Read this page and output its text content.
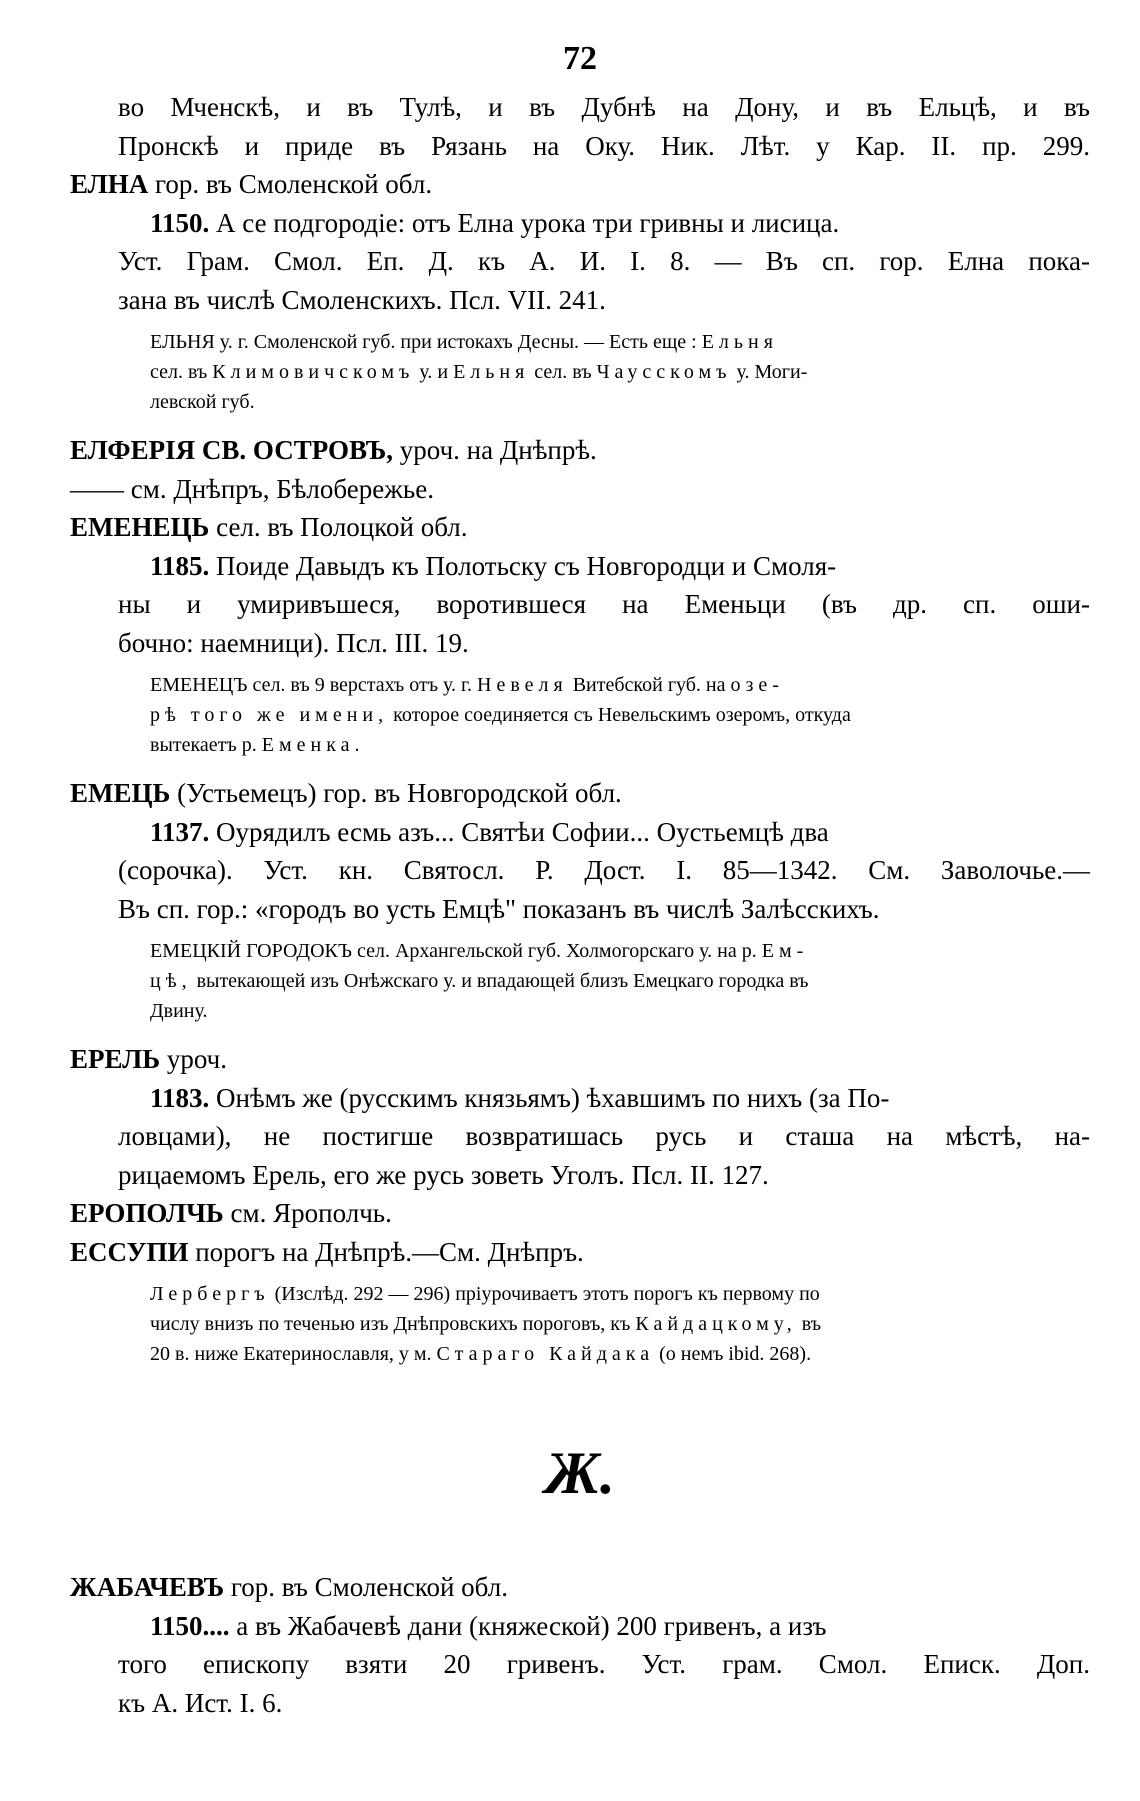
72
во Мченскѣ, и въ Тулѣ, и въ Дубнѣ на Дону, и въ Ельцѣ, и въ
Пронскѣ и приде въ Рязань на Оку. Ник. Лѣт. у Кар. II. пр. 299.
ЕЛНА гор. въ Смоленской обл.
1150. А се подгородіе: отъ Елна урока три гривны и лисица.
Уст. Грам. Смол. Еп. Д. къ А. И. I. 8. — Въ сп. гор. Елна пока-
зана въ числѣ Смоленскихъ. Псл. VII. 241.
ЕЛЬНЯ у. г. Смоленской губ. при истокахъ Десны. — Есть еще : Ельня
сел. въ Климовичскомъ у. и Ельня сел. въ Чаусскомъ у. Моги-
левской губ.
ЕЛФЕРІЯ СВ. ОСТРОВЪ, уроч. на Днѣпрѣ.
—— см. Днѣпръ, Бѣлобережье.
ЕМЕНЕЦЬ сел. въ Полоцкой обл.
1185. Поиде Давыдъ къ Полотьску съ Новгородци и Смоля-
ны и умиривъшеся, воротившеся на Еменьци (въ др. сп. оши-
бочно: наемници). Псл. III. 19.
ЕМЕНЕЦЪ сел. въ 9 верстахъ отъ у. г. Невеля Витебской губ. на озе-
рѣ того же имени, которое соединяется съ Невельскимъ озеромъ, откуда
вытекаетъ р. Еменка.
ЕМЕЦЬ (Устьемецъ) гор. въ Новгородской обл.
1137. Оурядилъ есмь азъ... Святѣи Софии... Оустьемцѣ два
(сорочка). Уст. кн. Святосл. Р. Дост. I. 85—1342. См. Заволочье.—
Въ сп. гор.: «городъ во усть Емцѣ" показанъ въ числѣ Залѣсскихъ.
ЕМЕЦКІЙ ГОРОДОКЪ сел. Архангельской губ. Холмогорскаго у. на р. Ем-
цѣ, вытекающей изъ Онѣжскаго у. и впадающей близъ Емецкаго городка въ
Двину.
ЕРЕЛЬ уроч.
1183. Онѣмъ же (русскимъ князьямъ) ѣхавшимъ по нихъ (за По-
ловцами), не постигше возвратишась русь и сташа на мѣстѣ, на-
рицаемомъ Ерель, его же русь зоветь Уголъ. Псл. II. 127.
ЕРОПОЛЧЬ см. Ярополчь.
ЕССУПИ порогъ на Днѣпрѣ.—См. Днѣпръ.
Лербергъ (Изслѣд. 292 — 296) пріурочиваетъ этотъ порогъ къ первому по
числу внизъ по теченью изъ Днѣпровскихъ пороговъ, къ Кайдацкому, въ
20 в. ниже Екатеринославля, у м. Стараго Кайдака (о немъ ibid. 268).
Ж.
ЖАБАЧЕВЪ гор. въ Смоленской обл.
1150.... а въ Жабачевѣ дани (княжеской) 200 гривенъ, а изъ
того епископу взяти 20 гривенъ. Уст. грам. Смол. Еписк. Доп.
къ А. Ист. I. 6.
